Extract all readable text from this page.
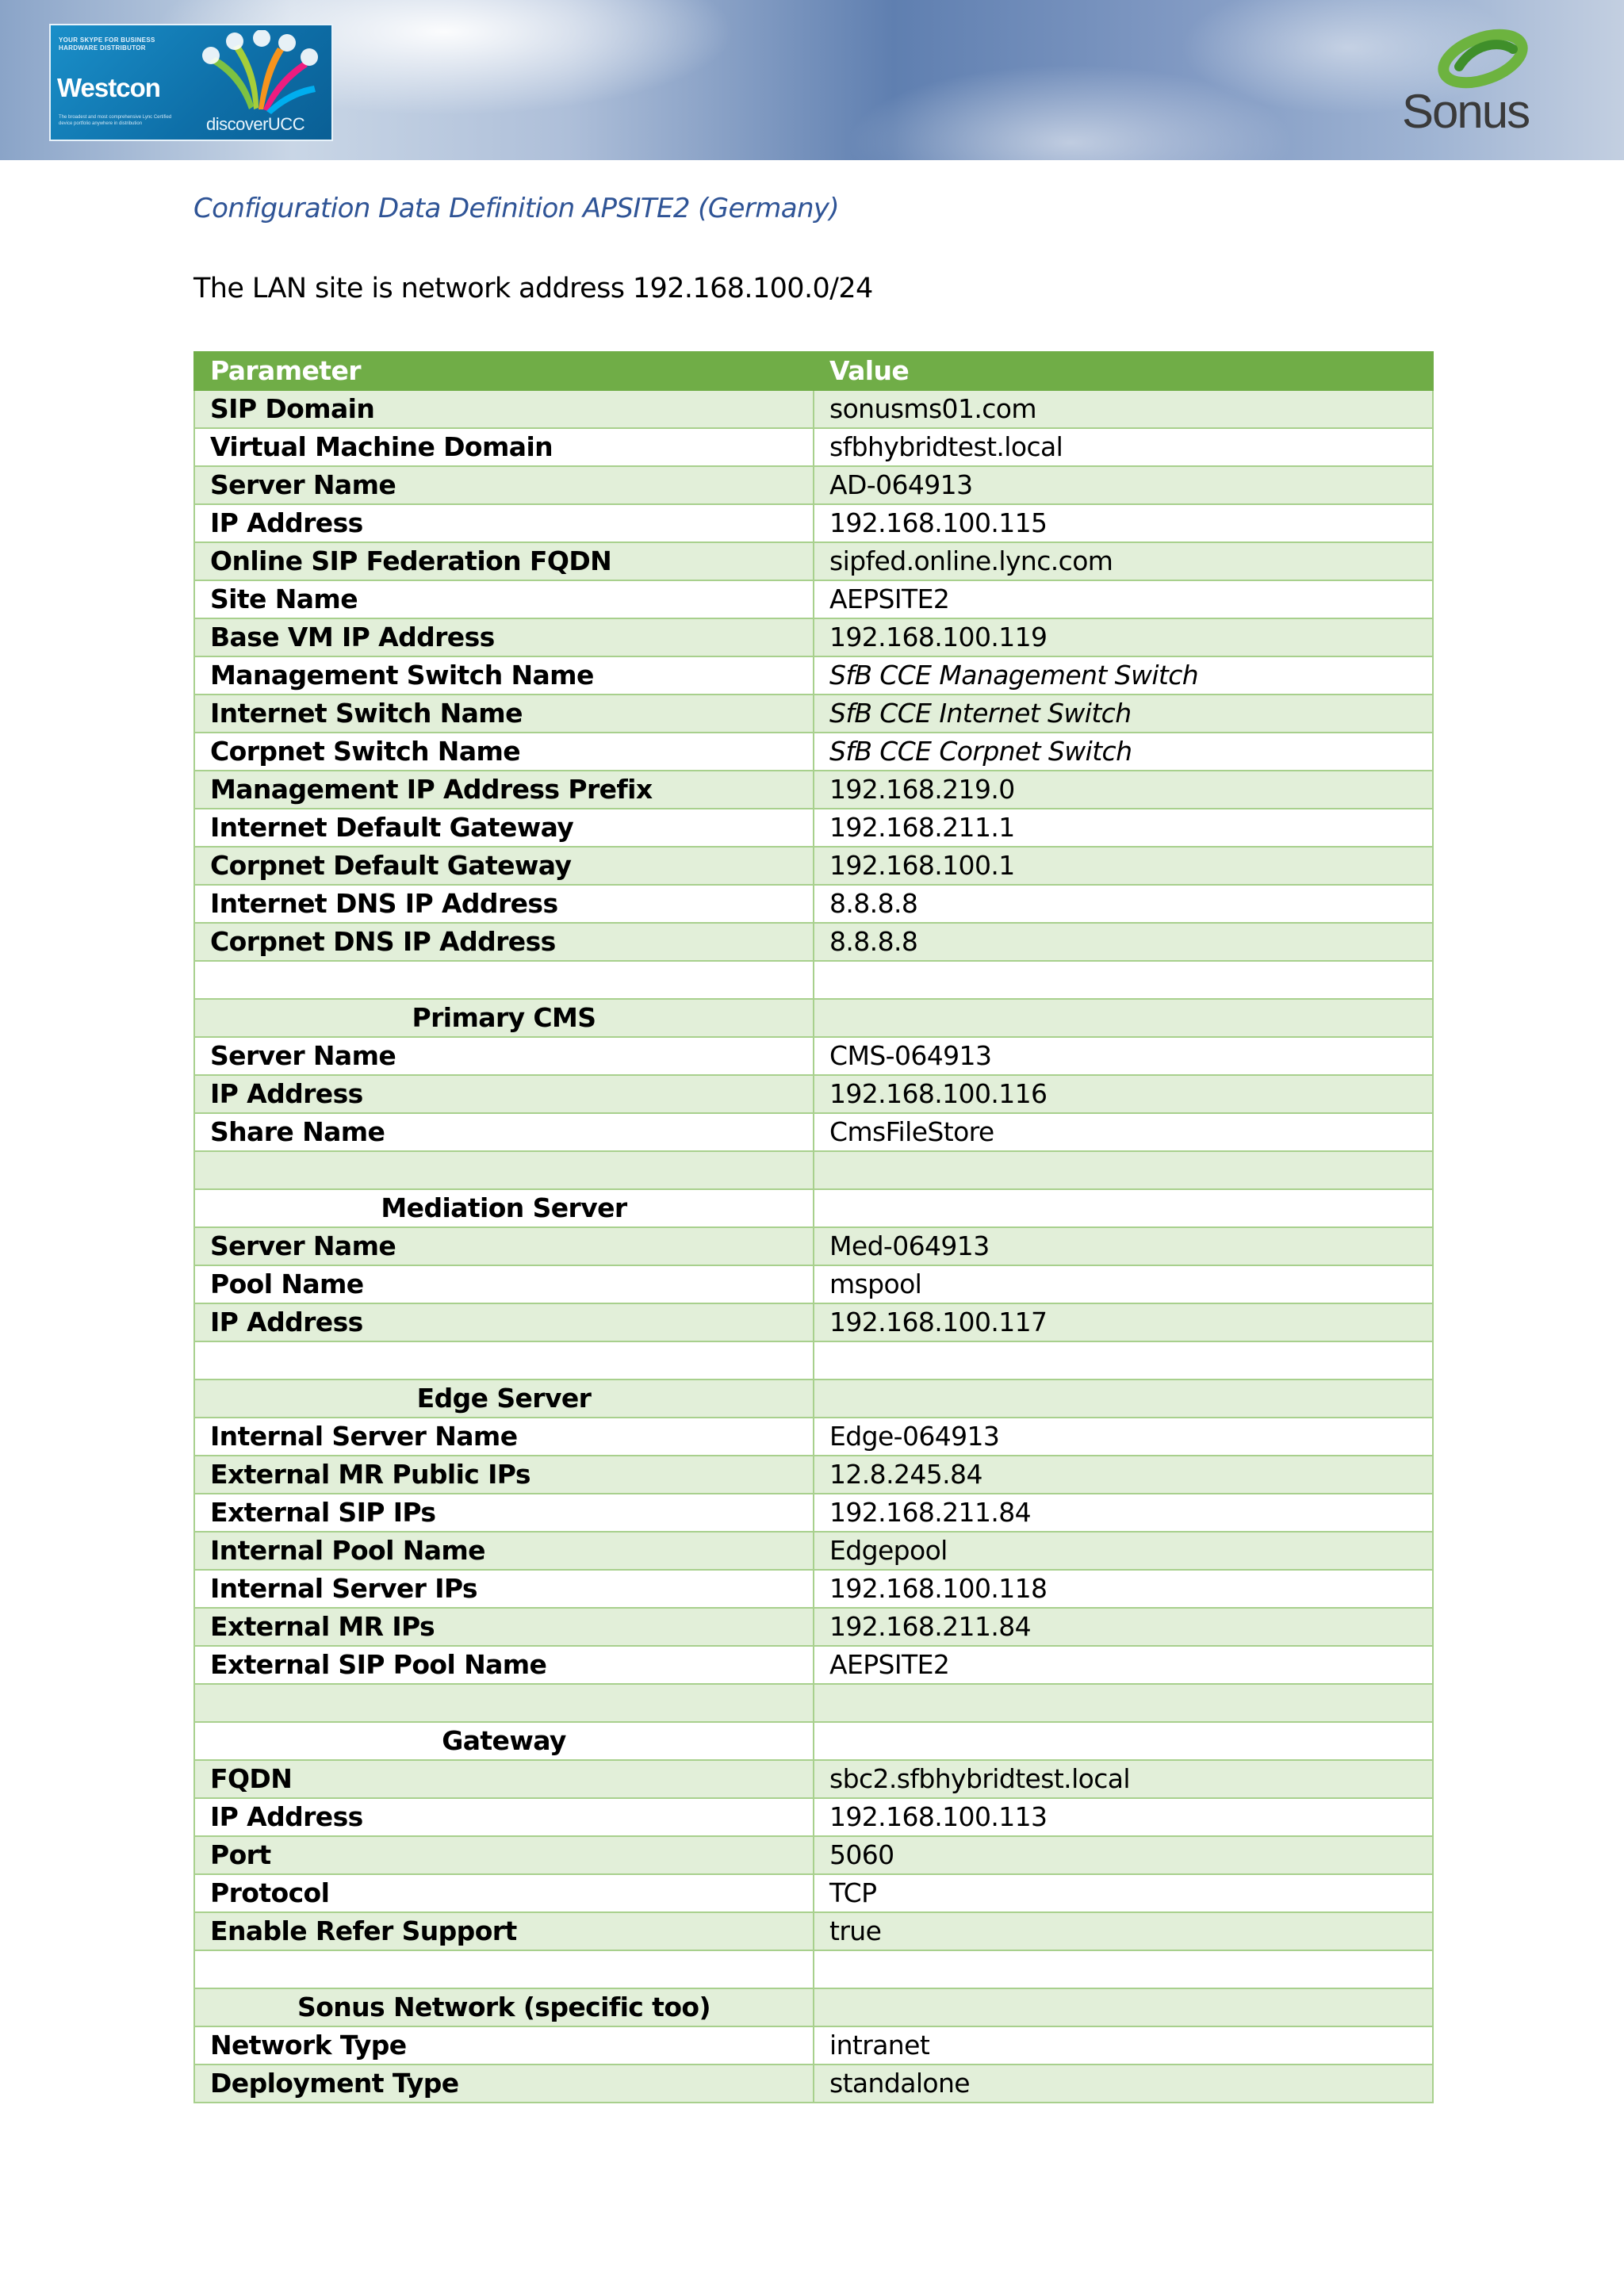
YOUR SKYPE FOR BUSINESS HARDWARE DISTRIBUTOR
Westcon
The broadest and most comprehensive Lync Certified device portfolio anywhere in distribution	discoverUCC	Sonus
Configuration Data Definition APSITE2 (Germany)

The LAN site is network address 192.168.100.0/24

Parameter	Value
SIP Domain	sonusms01.com
Virtual Machine Domain	sfbhybridtest.local
Server Name	AD-064913
IP Address	192.168.100.115
Online SIP Federation FQDN	sipfed.online.lync.com
Site Name	AEPSITE2
Base VM IP Address	192.168.100.119
Management Switch Name	SfB CCE Management Switch
Internet Switch Name	SfB CCE Internet Switch
Corpnet Switch Name	SfB CCE Corpnet Switch
Management IP Address Prefix	192.168.219.0
Internet Default Gateway	192.168.211.1
Corpnet Default Gateway	192.168.100.1
Internet DNS IP Address	8.8.8.8
Corpnet DNS IP Address	8.8.8.8

Primary CMS	
Server Name	CMS-064913
IP Address	192.168.100.116
Share Name	CmsFileStore

Mediation Server	
Server Name	Med-064913
Pool Name	mspool
IP Address	192.168.100.117

Edge Server	
Internal Server Name	Edge-064913
External MR Public IPs	12.8.245.84
External SIP IPs	192.168.211.84
Internal Pool Name	Edgepool
Internal Server IPs	192.168.100.118
External MR IPs	192.168.211.84
External SIP Pool Name	AEPSITE2

Gateway	
FQDN	sbc2.sfbhybridtest.local
IP Address	192.168.100.113
Port	5060
Protocol	TCP
Enable Refer Support	true

Sonus Network (specific too)	
Network Type	intranet
Deployment Type	standalone
